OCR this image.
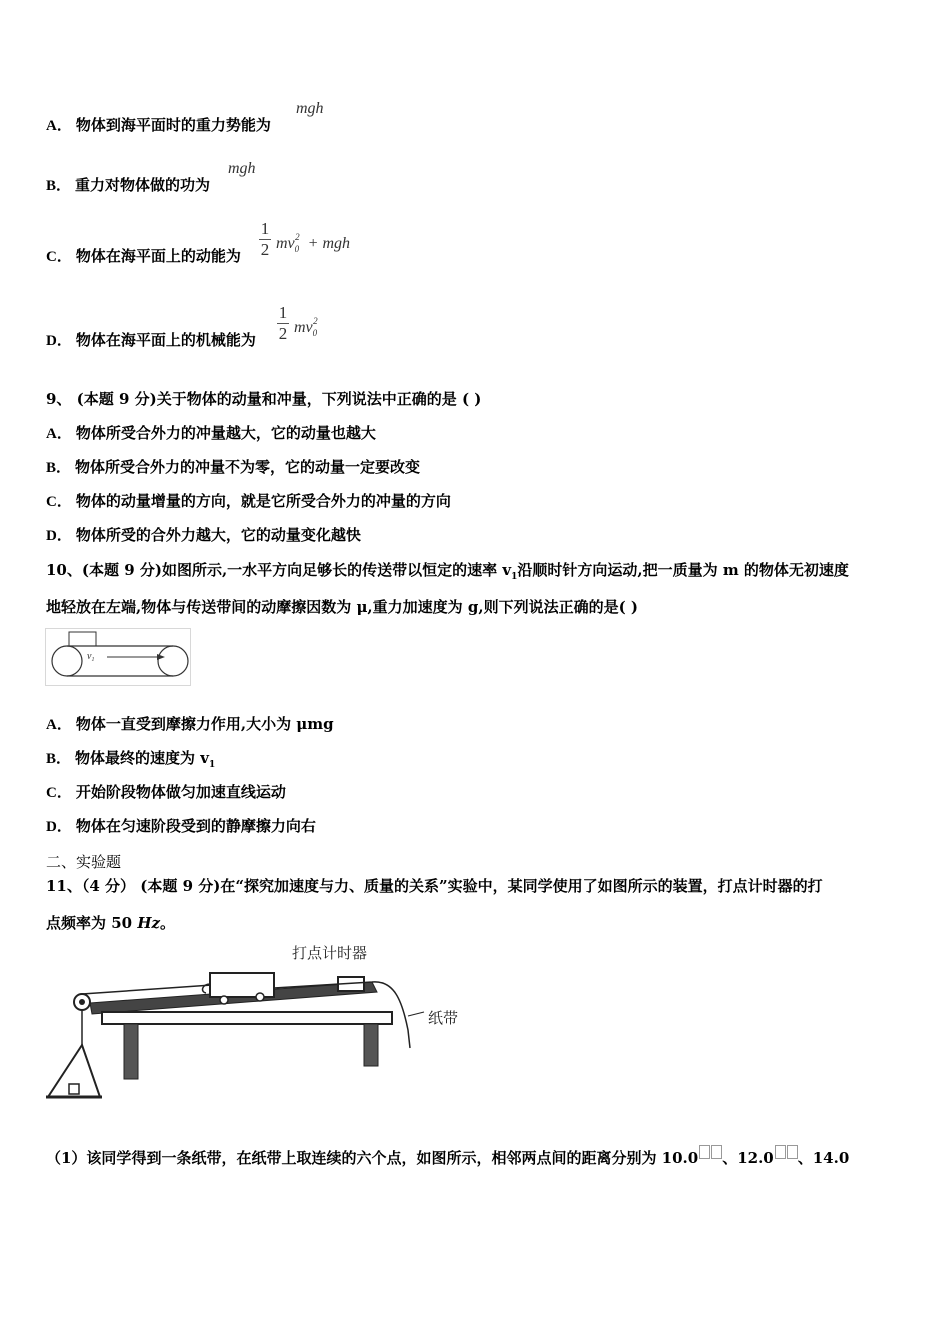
A． 物体到海平面时的重力势能为
mgh
B． 重力对物体做的功为
mgh
C． 物体在海平面上的动能为
1
2 $mv_0^2$ + mgh
D． 物体在海平面上的机械能为
1
2 $mv_0^2$
9、 (本题 9 分)关于物体的动量和冲量，下列说法中正确的是 ( )
A． 物体所受合外力的冲量越大，它的动量也越大
B． 物体所受合外力的冲量不为零，它的动量一定要改变
C． 物体的动量增量的方向，就是它所受合外力的冲量的方向
D． 物体所受的合外力越大，它的动量变化越快
10、(本题 9 分)如图所示,一水平方向足够长的传送带以恒定的速率 $v_1$沿顺时针方向运动,把一质量为 m 的物体无初速度
地轻放在左端,物体与传送带间的动摩擦因数为 μ,重力加速度为 g,则下列说法正确的是( )
$v_1$
A． 物体一直受到摩擦力作用,大小为 μmg
B． 物体最终的速度为 $v_1$
C． 开始阶段物体做匀加速直线运动
D． 物体在匀速阶段受到的静摩擦力向右
二、实验题
11、（4 分） (本题 9 分)在“探究加速度与力、质量的关系”实验中，某同学使用了如图所示的装置，打点计时器的打
点频率为 50 Hz。
打点计时器
纸带
（1）该同学得到一条纸带，在纸带上取连续的六个点，如图所示，相邻两点间的距离分别为 10.0 、12.0 、14.0
